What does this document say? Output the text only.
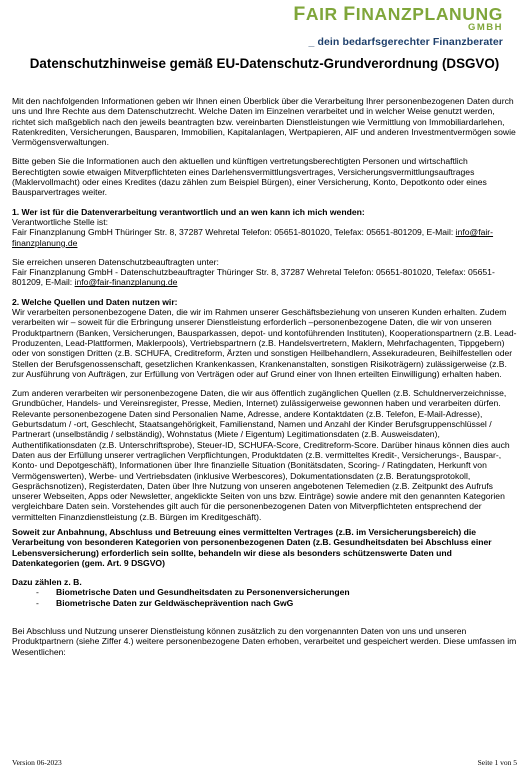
FAIR FINANZPLANUNG
GMBH
_ dein bedarfsgerechter Finanzberater
Datenschutzhinweise gemäß EU-Datenschutz-Grundverordnung (DSGVO)

Mit den nachfolgenden Informationen geben wir Ihnen einen Überblick über die Verarbeitung Ihrer personenbezogenen Daten durch uns und Ihre Rechte aus dem Datenschutzrecht. Welche Daten im Einzelnen verarbeitet und in welcher Weise genutzt werden, richtet sich maßgeblich nach den jeweils beantragten bzw. vereinbarten Dienstleistungen wie Vermittlung von Immobiliardarlehen, Ratenkrediten, Versicherungen, Bausparen, Immobilien, Kapitalanlagen, Wertpapieren, AIF und anderen Investmentvermögen sowie Vermögensverwaltungen.

Bitte geben Sie die Informationen auch den aktuellen und künftigen vertretungsberechtigten Personen und wirtschaftlich Berechtigten sowie etwaigen Mitverpflichteten eines Darlehensvermittlungsvertrages, Versicherungsvermittlungsauftrages (Maklervollmacht) oder eines Kredites (dazu zählen zum Beispiel Bürgen), einer Versicherung, Konto, Depotkonto oder eines Bausparvertrages weiter.

1. Wer ist für die Datenverarbeitung verantwortlich und an wen kann ich mich wenden:
Verantwortliche Stelle ist:
Fair Finanzplanung GmbH Thüringer Str. 8, 37287 Wehretal Telefon: 05651-801020, Telefax: 05651-801209, E-Mail: info@fair-finanzplanung.de

Sie erreichen unseren Datenschutzbeauftragten unter:
Fair Finanzplanung GmbH - Datenschutzbeauftragter Thüringer Str. 8, 37287 Wehretal Telefon: 05651-801020, Telefax: 05651-801209, E-Mail: info@fair-finanzplanung.de

2. Welche Quellen und Daten nutzen wir:
Wir verarbeiten personenbezogene Daten, die wir im Rahmen unserer Geschäftsbeziehung von unseren Kunden erhalten. Zudem verarbeiten wir – soweit für die Erbringung unserer Dienstleistung erforderlich –personenbezogene Daten, die wir von unseren Produktpartnern (Banken, Versicherungen, Bausparkassen, depot- und kontoführenden Instituten), Kooperationspartnern (z.B. Lead-Produzenten, Lead-Plattformen, Maklerpools), Vertriebspartnern (z.B. Handelsvertretern, Maklern, Mehrfachagenten, Tippgebern) oder von sonstigen Dritten (z.B. SCHUFA, Creditreform, Ärzten und sonstigen Heilbehandlern, Assekuradeuren, Beihilfestellen oder Stellen der Berufsgenossenschaft, gesetzlichen Krankenkassen, Krankenanstalten, sonstigen Risikoträgern) zulässigerweise (z.B. zur Ausführung von Aufträgen, zur Erfüllung von Verträgen oder auf Grund einer von Ihnen erteilten Einwilligung) erhalten haben.

Zum anderen verarbeiten wir personenbezogene Daten, die wir aus öffentlich zugänglichen Quellen (z.B. Schuldnerverzeichnisse, Grundbücher, Handels- und Vereinsregister, Presse, Medien, Internet) zulässigerweise gewonnen haben und verarbeiten dürfen.
Relevante personenbezogene Daten sind Personalien Name, Adresse, andere Kontaktdaten (z.B. Telefon, E-Mail-Adresse), Geburtsdatum / -ort, Geschlecht, Staatsangehörigkeit, Familienstand, Namen und Anzahl der Kinder Berufsgruppenschlüssel / Partnerart (unselbständig / selbständig), Wohnstatus (Miete / Eigentum) Legitimationsdaten (z.B. Ausweisdaten), Authentifikationsdaten (z.B. Unterschriftsprobe), Steuer-ID, SCHUFA-Score, Creditreform-Score. Darüber hinaus können dies auch Daten aus der Erfüllung unserer vertraglichen Verpflichtungen, Produktdaten (z.B. vermitteltes Kredit-, Versicherungs-, Bauspar-, Konto- und Depotgeschäft), Informationen über Ihre finanzielle Situation (Bonitätsdaten, Scoring- / Ratingdaten, Herkunft von Vermögenswerten), Werbe- und Vertriebsdaten (inklusive Werbescores), Dokumentationsdaten (z.B. Beratungsprotokoll, Gesprächsnotizen), Registerdaten, Daten über Ihre Nutzung von unseren angebotenen Telemedien (z.B. Zeitpunkt des Aufrufs unserer Webseiten, Apps oder Newsletter, angeklickte Seiten von uns bzw. Einträge) sowie andere mit den genannten Kategorien vergleichbare Daten sein. Vorstehendes gilt auch für die personenbezogenen Daten von Mitverpflichteten entsprechend der vermittelten Finanzdienstleistung (z.B. Bürgen im Kreditgeschäft).

Soweit zur Anbahnung, Abschluss und Betreuung eines vermittelten Vertrages (z.B. im Versicherungsbereich) die Verarbeitung von besonderen Kategorien von personenbezogenen Daten (z.B. Gesundheitsdaten bei Abschluss einer Lebensversicherung) erforderlich sein sollte, behandeln wir diese als besonders schützenswerte Daten und Datenkategorien (gem. Art. 9 DSGVO)

Dazu zählen z. B.
-	Biometrische Daten und Gesundheitsdaten zu Personenversicherungen
-	Biometrische Daten zur Geldwäscheprävention nach GwG

Bei Abschluss und Nutzung unserer Dienstleistung können zusätzlich zu den vorgenannten Daten von uns und unseren Produktpartnern (siehe Ziffer 4.) weitere personenbezogene Daten erhoben, verarbeitet und gespeichert werden. Diese umfassen im Wesentlichen:

Version 06-2023	Seite 1 von 5
